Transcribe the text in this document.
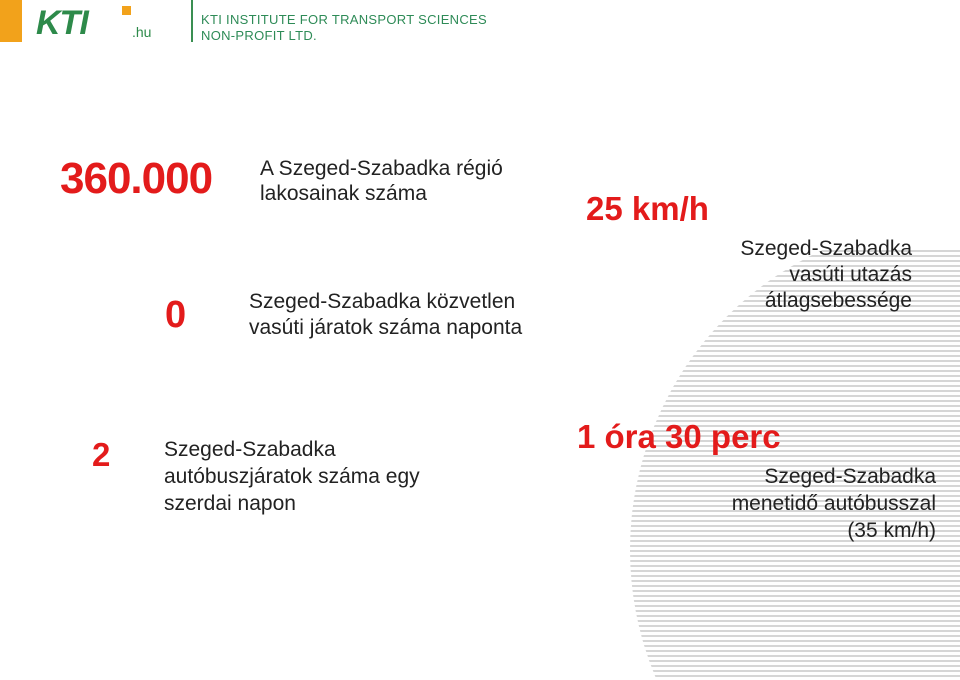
KTI	.hu
KTI INSTITUTE FOR TRANSPORT SCIENCES
NON-PROFIT LTD.
360.000 A Szeged-Szabadka régió
lakosainak száma
0	Szeged-Szabadka közvetlen
vasúti járatok száma naponta
25 km/h
Szeged-Szabadka
vasúti utazás
átlagsebessége
2	Szeged-Szabadka
autóbuszjáratok száma egy
szerdai napon
1 óra 30 perc
Szeged-Szabadka
menetidő autóbusszal
(35 km/h)
